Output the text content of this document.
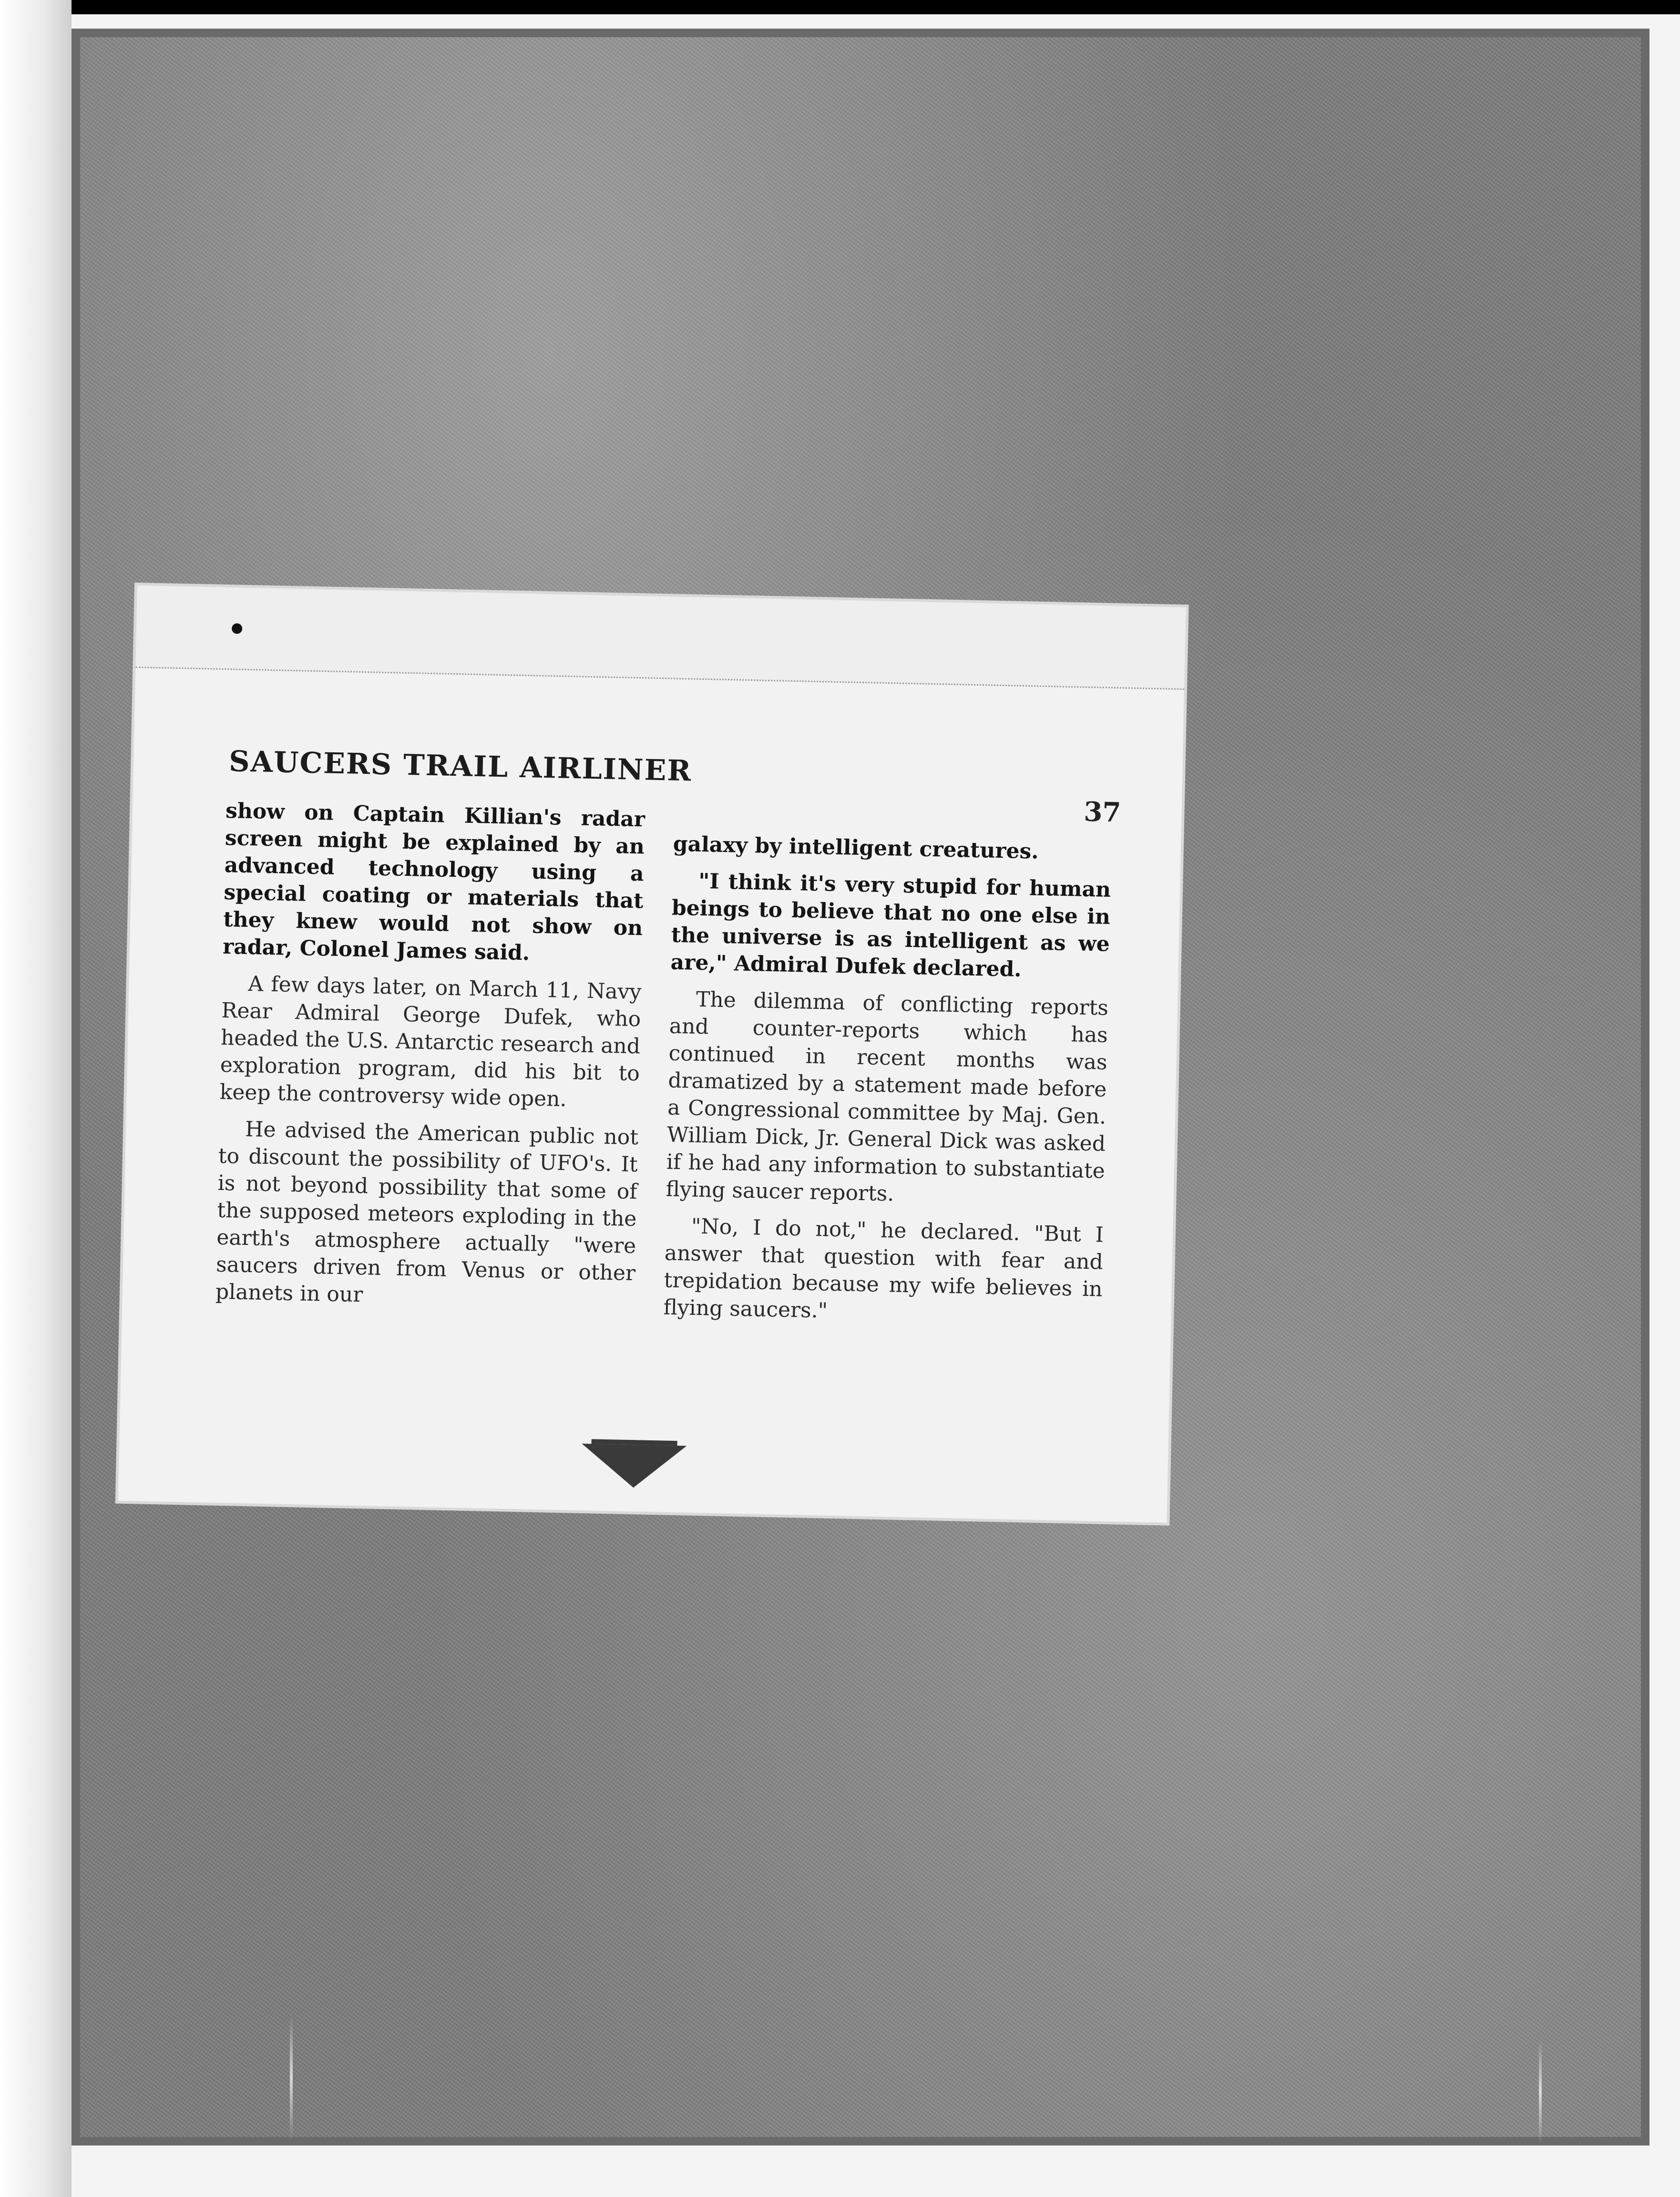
SAUCERS TRAIL AIRLINER
37

show on Captain Killian's radar screen might be explained by an advanced technology using a special coating or materials that they knew would not show on radar, Colonel James said.

A few days later, on March 11, Navy Rear Admiral George Dufek, who headed the U.S. Antarctic research and exploration program, did his bit to keep the controversy wide open.

He advised the American public not to discount the possibility of UFO's. It is not beyond possibility that some of the supposed meteors exploding in the earth's atmosphere actually "were saucers driven from Venus or other planets in our

galaxy by intelligent creatures.

"I think it's very stupid for human beings to believe that no one else in the universe is as intelligent as we are," Admiral Dufek declared.

The dilemma of conflicting reports and counter-reports which has continued in recent months was dramatized by a statement made before a Congressional committee by Maj. Gen. William Dick, Jr. General Dick was asked if he had any information to substantiate flying saucer reports.

"No, I do not," he declared. "But I answer that question with fear and trepidation because my wife believes in flying saucers."
